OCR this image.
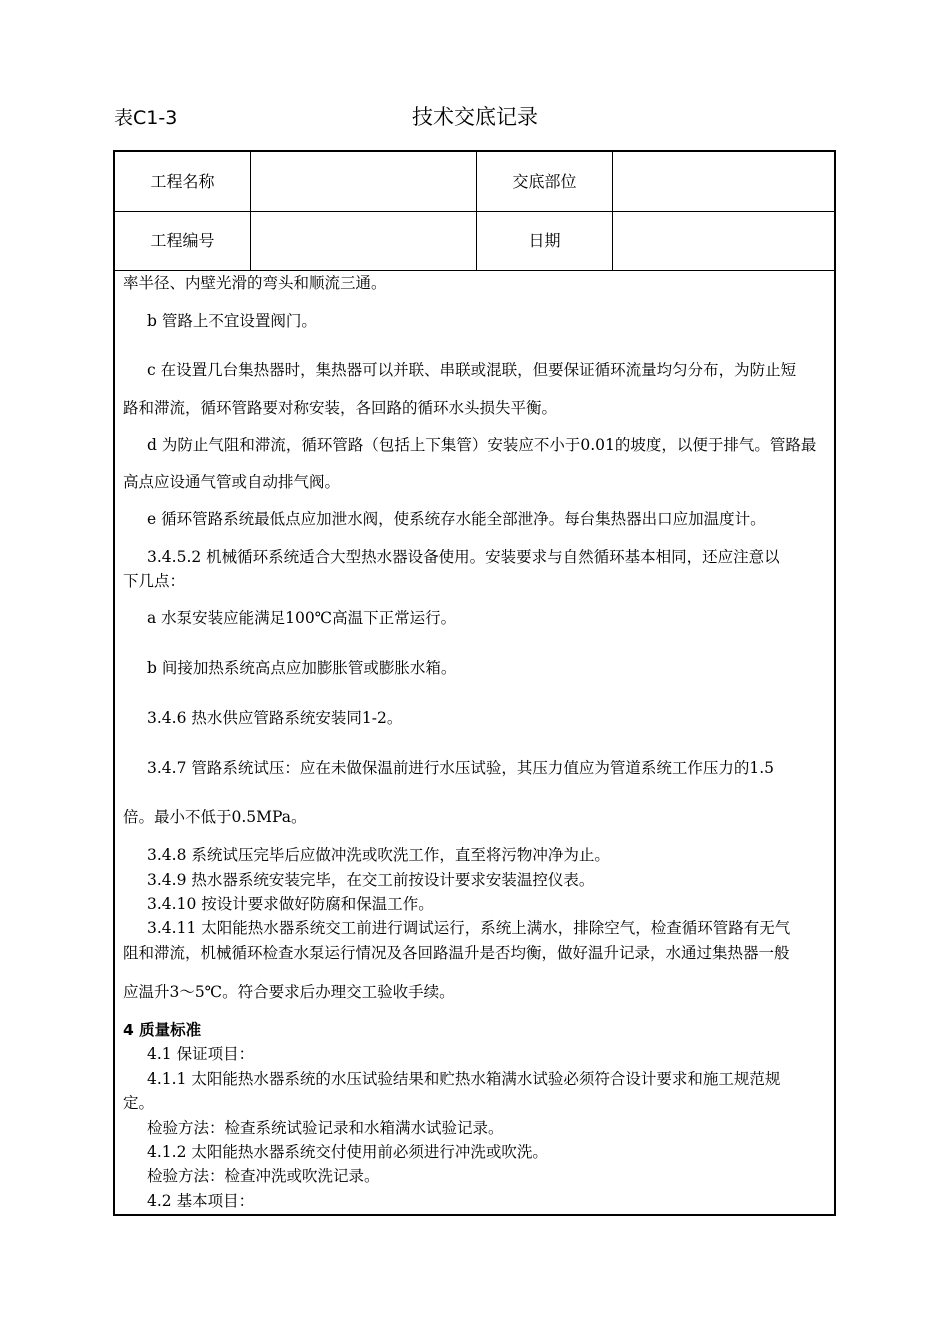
表C1-3	技术交底记录
工程名称	交底部位
工程编号	日期
率半径、内壁光滑的弯头和顺流三通。
b 管路上不宜设置阀门。
c 在设置几台集热器时，集热器可以并联、串联或混联，但要保证循环流量均匀分布，为防止短
路和滞流，循环管路要对称安装，各回路的循环水头损失平衡。
d 为防止气阻和滞流，循环管路（包括上下集管）安装应不小于0.01的坡度，以便于排气。管路最
高点应设通气管或自动排气阀。
e 循环管路系统最低点应加泄水阀，使系统存水能全部泄净。每台集热器出口应加温度计。
3.4.5.2 机械循环系统适合大型热水器设备使用。安装要求与自然循环基本相同，还应注意以
下几点：
a 水泵安装应能满足100℃高温下正常运行。
b 间接加热系统高点应加膨胀管或膨胀水箱。
3.4.6 热水供应管路系统安装同1-2。
3.4.7 管路系统试压：应在未做保温前进行水压试验，其压力值应为管道系统工作压力的1.5
倍。最小不低于0.5MPa。
3.4.8 系统试压完毕后应做冲洗或吹洗工作，直至将污物冲净为止。
3.4.9 热水器系统安装完毕，在交工前按设计要求安装温控仪表。
3.4.10 按设计要求做好防腐和保温工作。
3.4.11 太阳能热水器系统交工前进行调试运行，系统上满水，排除空气，检查循环管路有无气
阻和滞流，机械循环检查水泵运行情况及各回路温升是否均衡，做好温升记录，水通过集热器一般
应温升3～5℃。符合要求后办理交工验收手续。
4 质量标准
4.1 保证项目：
4.1.1 太阳能热水器系统的水压试验结果和贮热水箱满水试验必须符合设计要求和施工规范规
定。
检验方法：检查系统试验记录和水箱满水试验记录。
4.1.2 太阳能热水器系统交付使用前必须进行冲洗或吹洗。
检验方法：检查冲洗或吹洗记录。
4.2 基本项目：
